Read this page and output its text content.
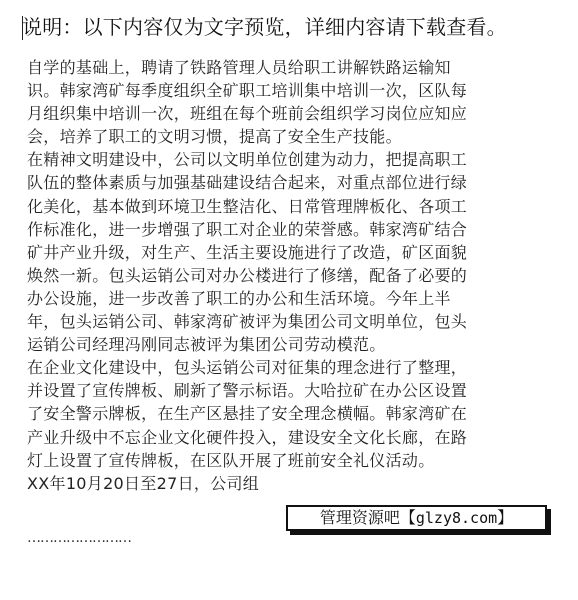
说明：以下内容仅为文字预览，详细内容请下载查看。
自学的基础上，聘请了铁路管理人员给职工讲解铁路运输知
识。韩家湾矿每季度组织全矿职工培训集中培训一次，区队每
月组织集中培训一次，班组在每个班前会组织学习岗位应知应
会，培养了职工的文明习惯，提高了安全生产技能。
在精神文明建设中，公司以文明单位创建为动力，把提高职工
队伍的整体素质与加强基础建设结合起来，对重点部位进行绿
化美化，基本做到环境卫生整洁化、日常管理牌板化、各项工
作标准化，进一步增强了职工对企业的荣誉感。韩家湾矿结合
矿井产业升级，对生产、生活主要设施进行了改造，矿区面貌
焕然一新。包头运销公司对办公楼进行了修缮，配备了必要的
办公设施，进一步改善了职工的办公和生活环境。今年上半
年，包头运销公司、韩家湾矿被评为集团公司文明单位，包头
运销公司经理冯刚同志被评为集团公司劳动模范。
在企业文化建设中，包头运销公司对征集的理念进行了整理，
并设置了宣传牌板、刷新了警示标语。大哈拉矿在办公区设置
了安全警示牌板，在生产区悬挂了安全理念横幅。韩家湾矿在
产业升级中不忘企业文化硬件投入，建设安全文化长廊，在路
灯上设置了宣传牌板，在区队开展了班前安全礼仪活动。
XX年10月20日至27日，公司组
……………………
管理资源吧【glzy8.com】
